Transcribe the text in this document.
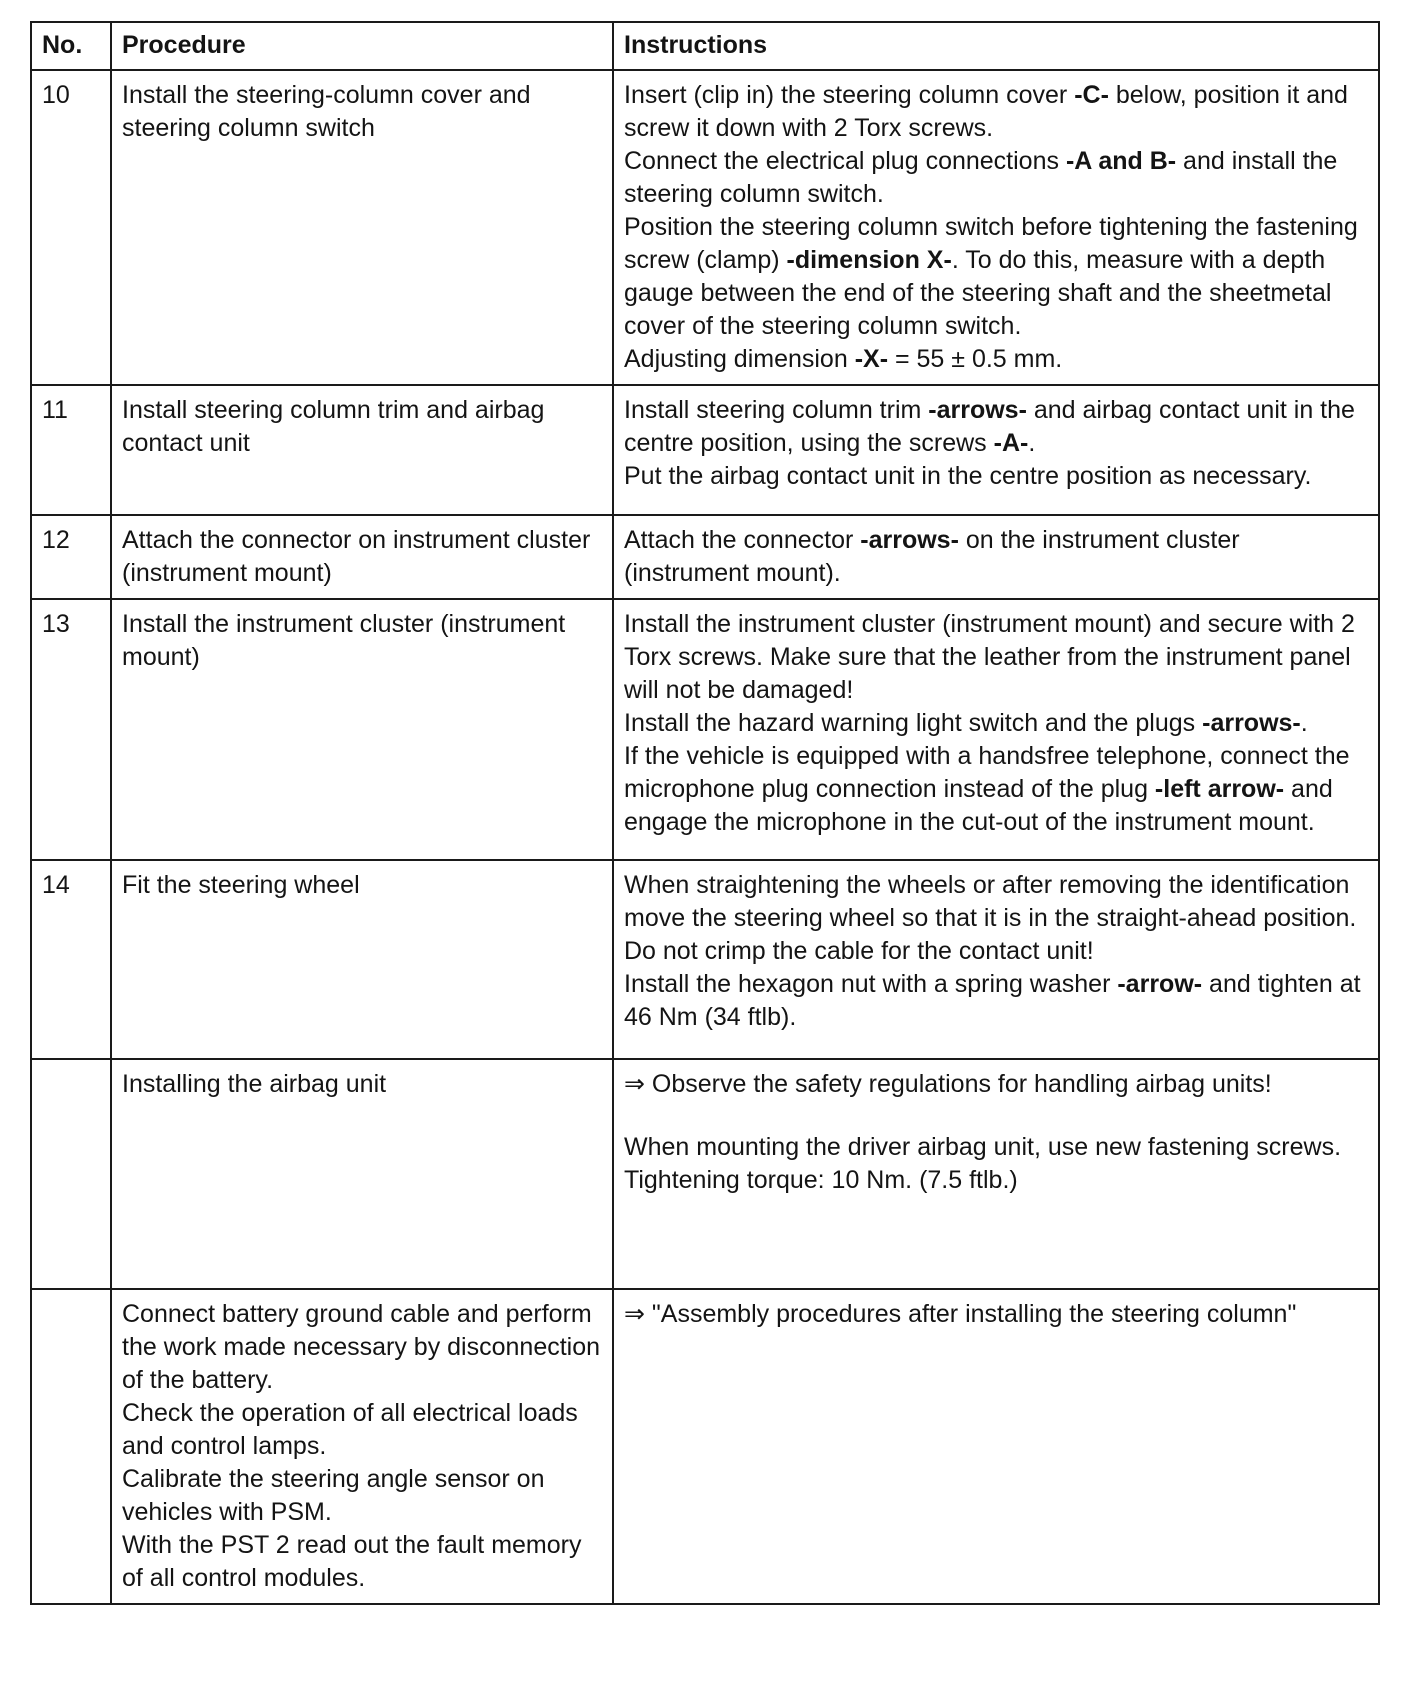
No.	Procedure	Instructions
10	Install the steering-column cover and steering column switch	Insert (clip in) the steering column cover -C- below, position it and screw it down with 2 Torx screws.
Connect the electrical plug connections -A and B- and install the steering column switch.
Position the steering column switch before tightening the fastening screw (clamp) -dimension X-. To do this, measure with a depth gauge between the end of the steering shaft and the sheetmetal cover of the steering column switch.
Adjusting dimension -X- = 55 ± 0.5 mm.

11	Install steering column trim and airbag contact unit	Install steering column trim -arrows- and airbag contact unit in the centre position, using the screws -A-.
Put the airbag contact unit in the centre position as necessary.

12	Attach the connector on instrument cluster (instrument mount)	Attach the connector -arrows- on the instrument cluster (instrument mount).

13	Install the instrument cluster (instrument mount)	Install the instrument cluster (instrument mount) and secure with 2 Torx screws. Make sure that the leather from the instrument panel will not be damaged!
Install the hazard warning light switch and the plugs -arrows-.
If the vehicle is equipped with a handsfree telephone, connect the microphone plug connection instead of the plug -left arrow- and engage the microphone in the cut-out of the instrument mount.

14	Fit the steering wheel	When straightening the wheels or after removing the identification move the steering wheel so that it is in the straight-ahead position.
Do not crimp the cable for the contact unit!
Install the hexagon nut with a spring washer -arrow- and tighten at 46 Nm (34 ftlb).

	Installing the airbag unit	⇒ Observe the safety regulations for handling airbag units!
When mounting the driver airbag unit, use new fastening screws.
Tightening torque: 10 Nm. (7.5 ftlb.)

	Connect battery ground cable and perform the work made necessary by disconnection of the battery.
Check the operation of all electrical loads and control lamps.
Calibrate the steering angle sensor on vehicles with PSM.
With the PST 2 read out the fault memory of all control modules.	⇒ "Assembly procedures after installing the steering column"
